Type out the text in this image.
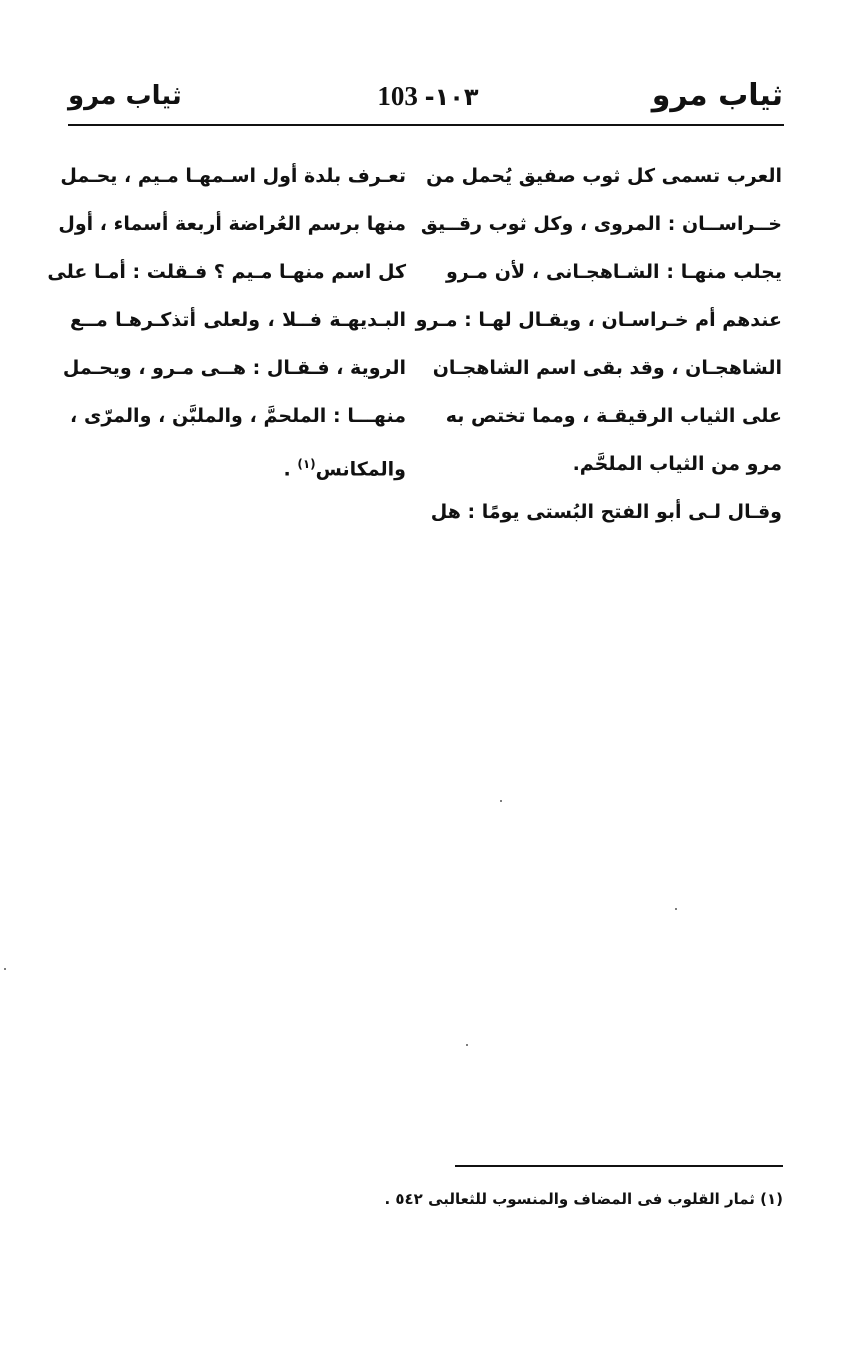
ثياب مرو	103 -١٠٣	ثياب مرو
العرب تسمى كل ثوب صفيق يُحمل من
خــراســان : المروى ، وكل ثوب رقــيق
يجلب منهـا : الشـاهجـانى ، لأن مـرو
عندهم أم خـراسـان ، ويقـال لهـا : مـرو
الشاهجـان ، وقد بقى اسم الشاهجـان
على الثياب الرقيقـة ، ومما تختص به
مرو من الثياب الملحَّم.
وقـال لـى أبو الفتح البُستى يومًا : هل
تعـرف بلدة أول اسـمهـا مـيم ، يحـمل
منها برسم العُراضة أربعة أسماء ، أول
كل اسم منهـا مـيم ؟ فـقلت : أمـا على
البـديهـة فــلا ، ولعلى أتذكـرهـا مــع
الروية ، فـقـال : هــى مـرو ، ويحـمل
منهـــا : الملحمَّ ، والملبَّن ، والمرّى ،
والمكانس$^{(١)}$ .
(١) ثمار القلوب فى المضاف والمنسوب للثعالبى ٥٤٢ .
